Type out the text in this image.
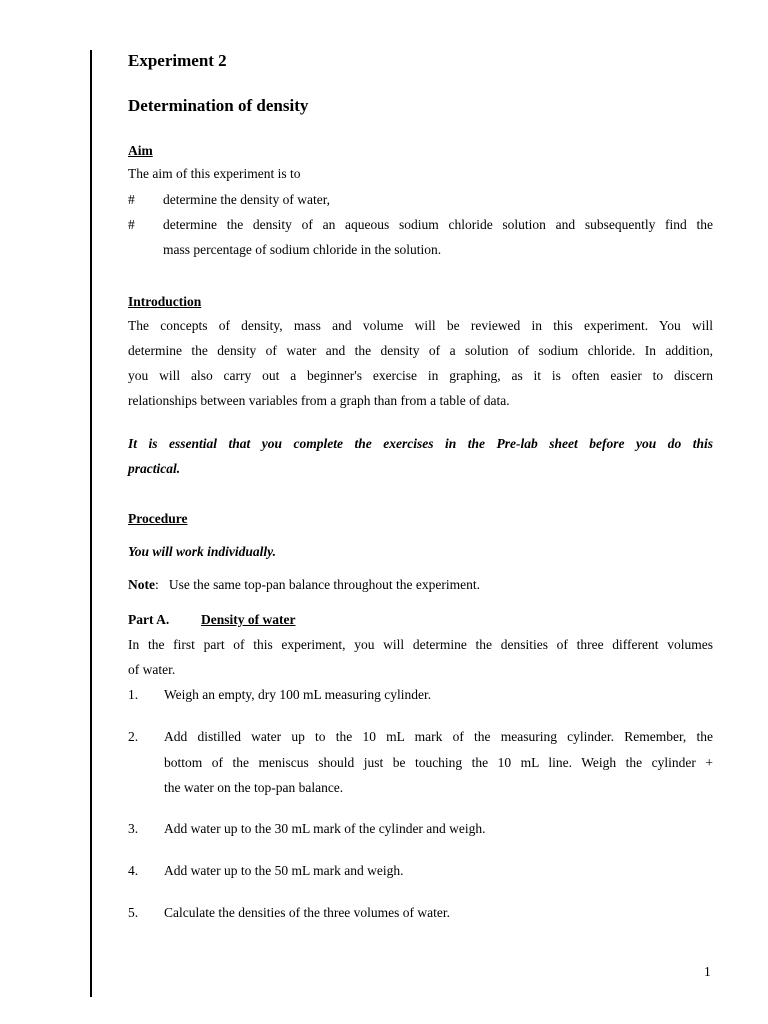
Experiment 2
Determination of density
Aim
The aim of this experiment is to
# determine the density of water,
# determine the density of an aqueous sodium chloride solution and subsequently find the
mass percentage of sodium chloride in the solution.
Introduction
The concepts of density, mass and volume will be reviewed in this experiment. You will
determine the density of water and the density of a solution of sodium chloride. In addition,
you will also carry out a beginner's exercise in graphing, as it is often easier to discern
relationships between variables from a graph than from a table of data.
It is essential that you complete the exercises in the Pre-lab sheet before you do this
practical.
Procedure
You will work individually.
Note:   Use the same top-pan balance throughout the experiment.
Part A. Density of water
In the first part of this experiment, you will determine the densities of three different volumes
of water.
1. Weigh an empty, dry 100 mL measuring cylinder.
2. Add distilled water up to the 10 mL mark of the measuring cylinder. Remember, the
bottom of the meniscus should just be touching the 10 mL line. Weigh the cylinder +
the water on the top-pan balance.
3. Add water up to the 30 mL mark of the cylinder and weigh.
4. Add water up to the 50 mL mark and weigh.
5. Calculate the densities of the three volumes of water.
1
